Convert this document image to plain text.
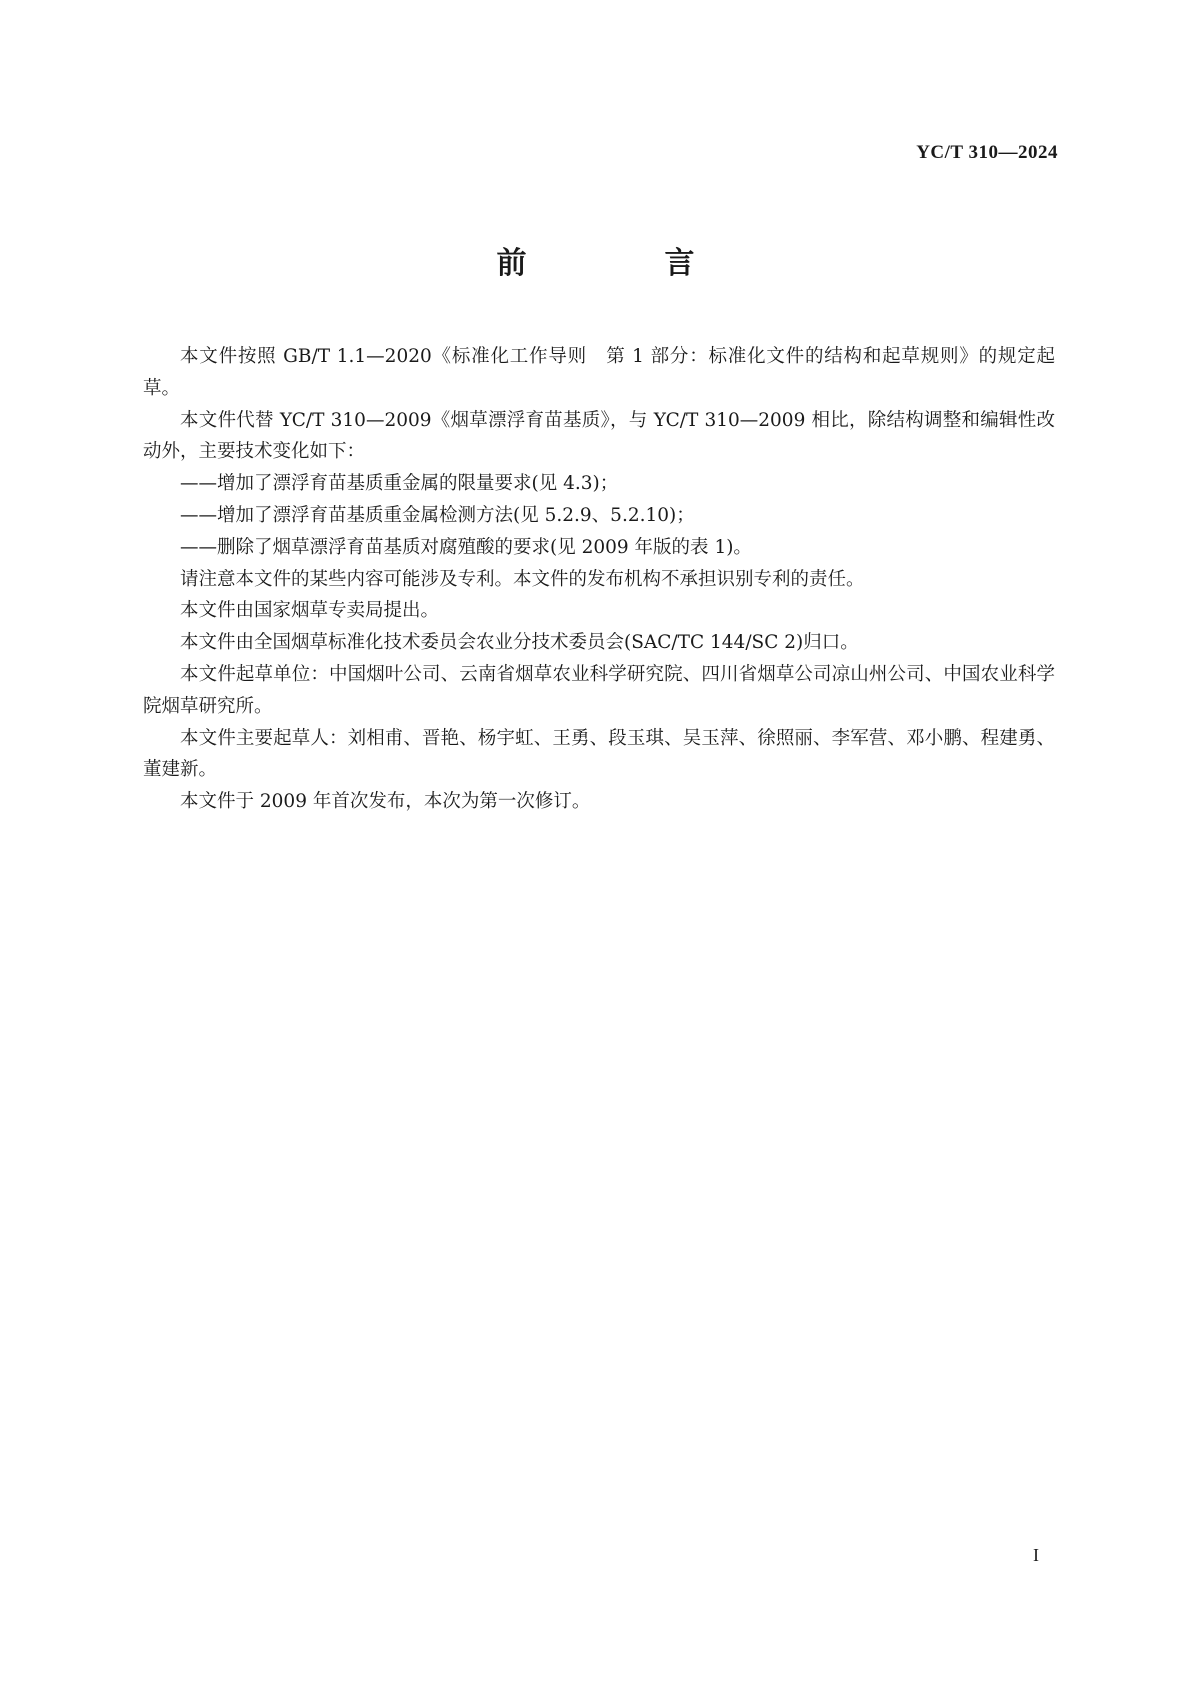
YC/T 310—2024
前　言

本文件按照 GB/T 1.1—2020《标准化工作导则　第 1 部分：标准化文件的结构和起草规则》的规定起草。

本文件代替 YC/T 310—2009《烟草漂浮育苗基质》，与 YC/T 310—2009 相比，除结构调整和编辑性改动外，主要技术变化如下：

——增加了漂浮育苗基质重金属的限量要求(见 4.3)；

——增加了漂浮育苗基质重金属检测方法(见 5.2.9、5.2.10)；

——删除了烟草漂浮育苗基质对腐殖酸的要求(见 2009 年版的表 1)。

请注意本文件的某些内容可能涉及专利。本文件的发布机构不承担识别专利的责任。

本文件由国家烟草专卖局提出。

本文件由全国烟草标准化技术委员会农业分技术委员会(SAC/TC 144/SC 2)归口。

本文件起草单位：中国烟叶公司、云南省烟草农业科学研究院、四川省烟草公司凉山州公司、中国农业科学院烟草研究所。

本文件主要起草人：刘相甫、晋艳、杨宇虹、王勇、段玉琪、吴玉萍、徐照丽、李军营、邓小鹏、程建勇、董建新。

本文件于 2009 年首次发布，本次为第一次修订。

I
